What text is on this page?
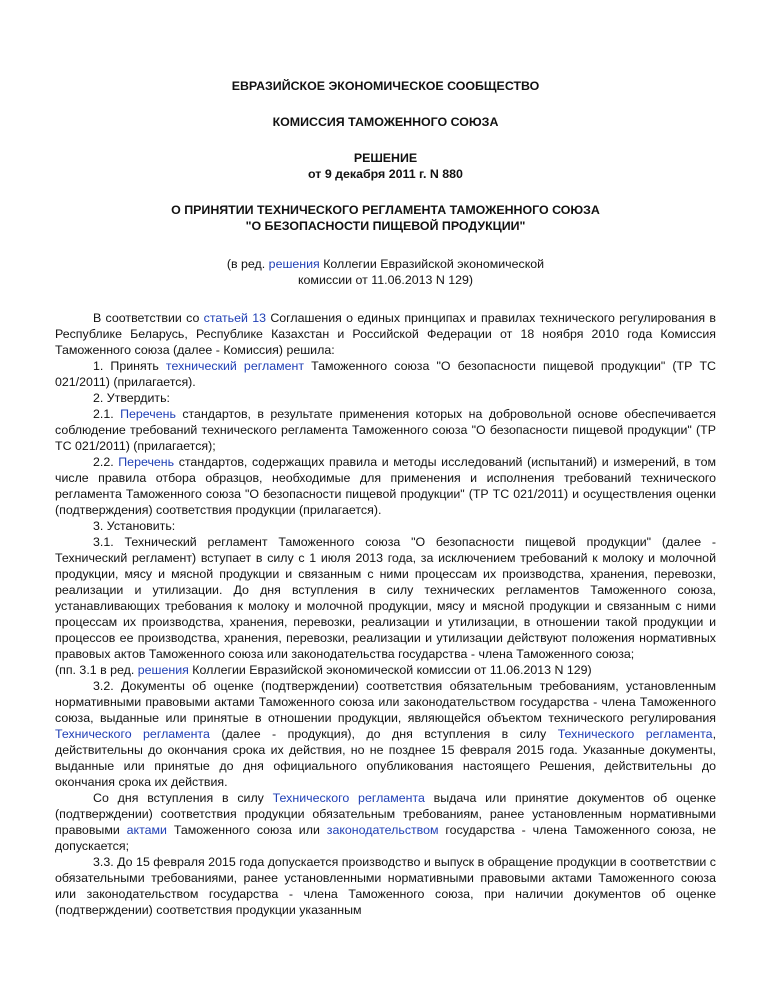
ЕВРАЗИЙСКОЕ ЭКОНОМИЧЕСКОЕ СООБЩЕСТВО
КОМИССИЯ ТАМОЖЕННОГО СОЮЗА
РЕШЕНИЕ
от 9 декабря 2011 г. N 880
О ПРИНЯТИИ ТЕХНИЧЕСКОГО РЕГЛАМЕНТА ТАМОЖЕННОГО СОЮЗА
"О БЕЗОПАСНОСТИ ПИЩЕВОЙ ПРОДУКЦИИ"
(в ред. решения Коллегии Евразийской экономической
комиссии от 11.06.2013 N 129)

В соответствии со статьей 13 Соглашения о единых принципах и правилах технического регулирования в Республике Беларусь, Республике Казахстан и Российской Федерации от 18 ноября 2010 года Комиссия Таможенного союза (далее - Комиссия) решила:

1. Принять технический регламент Таможенного союза "О безопасности пищевой продукции" (ТР ТС 021/2011) (прилагается).

2. Утвердить:

2.1. Перечень стандартов, в результате применения которых на добровольной основе обеспечивается соблюдение требований технического регламента Таможенного союза "О безопасности пищевой продукции" (ТР ТС 021/2011) (прилагается);

2.2. Перечень стандартов, содержащих правила и методы исследований (испытаний) и измерений, в том числе правила отбора образцов, необходимые для применения и исполнения требований технического регламента Таможенного союза "О безопасности пищевой продукции" (ТР ТС 021/2011) и осуществления оценки (подтверждения) соответствия продукции (прилагается).

3. Установить:

3.1. Технический регламент Таможенного союза "О безопасности пищевой продукции" (далее - Технический регламент) вступает в силу с 1 июля 2013 года, за исключением требований к молоку и молочной продукции, мясу и мясной продукции и связанным с ними процессам их производства, хранения, перевозки, реализации и утилизации. До дня вступления в силу технических регламентов Таможенного союза, устанавливающих требования к молоку и молочной продукции, мясу и мясной продукции и связанным с ними процессам их производства, хранения, перевозки, реализации и утилизации, в отношении такой продукции и процессов ее производства, хранения, перевозки, реализации и утилизации действуют положения нормативных правовых актов Таможенного союза или законодательства государства - члена Таможенного союза;

(пп. 3.1 в ред. решения Коллегии Евразийской экономической комиссии от 11.06.2013 N 129)

3.2. Документы об оценке (подтверждении) соответствия обязательным требованиям, установленным нормативными правовыми актами Таможенного союза или законодательством государства - члена Таможенного союза, выданные или принятые в отношении продукции, являющейся объектом технического регулирования Технического регламента (далее - продукция), до дня вступления в силу Технического регламента, действительны до окончания срока их действия, но не позднее 15 февраля 2015 года. Указанные документы, выданные или принятые до дня официального опубликования настоящего Решения, действительны до окончания срока их действия.

Со дня вступления в силу Технического регламента выдача или принятие документов об оценке (подтверждении) соответствия продукции обязательным требованиям, ранее установленным нормативными правовыми актами Таможенного союза или законодательством государства - члена Таможенного союза, не допускается;

3.3. До 15 февраля 2015 года допускается производство и выпуск в обращение продукции в соответствии с обязательными требованиями, ранее установленными нормативными правовыми актами Таможенного союза или законодательством государства - члена Таможенного союза, при наличии документов об оценке (подтверждении) соответствия продукции указанным
